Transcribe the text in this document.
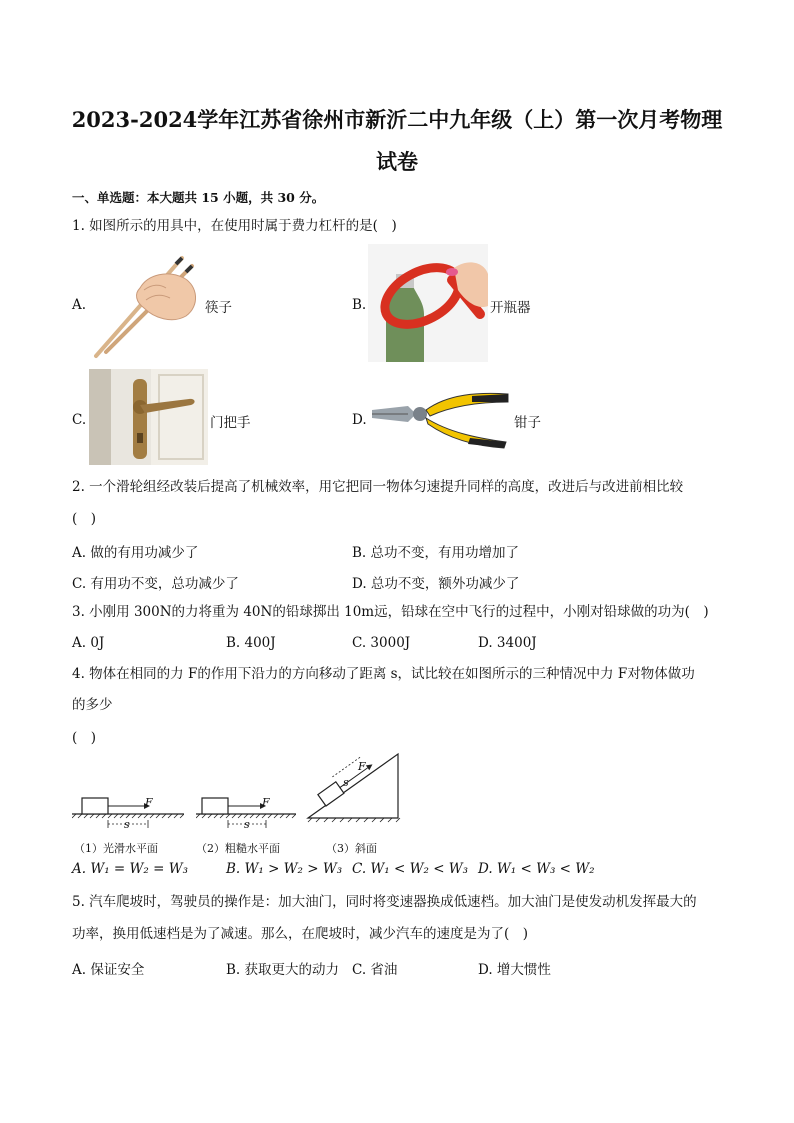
2023-2024学年江苏省徐州市新沂二中九年级（上）第一次月考物理
试卷
一、单选题：本大题共 15 小题，共 30 分。
1. 如图所示的用具中，在使用时属于费力杠杆的是(　)
A.	筷子	B.	开瓶器
C.	门把手	D.	钳子
2. 一个滑轮组经改装后提高了机械效率，用它把同一物体匀速提升同样的高度，改进后与改进前相比较
(　)
A. 做的有用功减少了	B. 总功不变，有用功增加了
C. 有用功不变，总功减少了	D. 总功不变，额外功减少了
3. 小刚用 300N的力将重为 40N的铅球掷出 10m远，铅球在空中飞行的过程中，小刚对铅球做的功为(　)
A. 0J	B. 400J	C. 3000J	D. 3400J
4. 物体在相同的力 F的作用下沿力的方向移动了距离 s，试比较在如图所示的三种情况中力 F对物体做功
的多少
(　)
F
s
（1）光滑水平面
F
s
（2）粗糙水平面
F
s
（3）斜面
A. W₁ = W₂ = W₃	B. W₁ > W₂ > W₃ C. W₁ < W₂ < W₃ D. W₁ < W₃ < W₂
5. 汽车爬坡时，驾驶员的操作是：加大油门，同时将变速器换成低速档。加大油门是使发动机发挥最大的
功率，换用低速档是为了减速。那么，在爬坡时，减少汽车的速度是为了(　)
A. 保证安全	B. 获取更大的动力 C. 省油	D. 增大惯性
